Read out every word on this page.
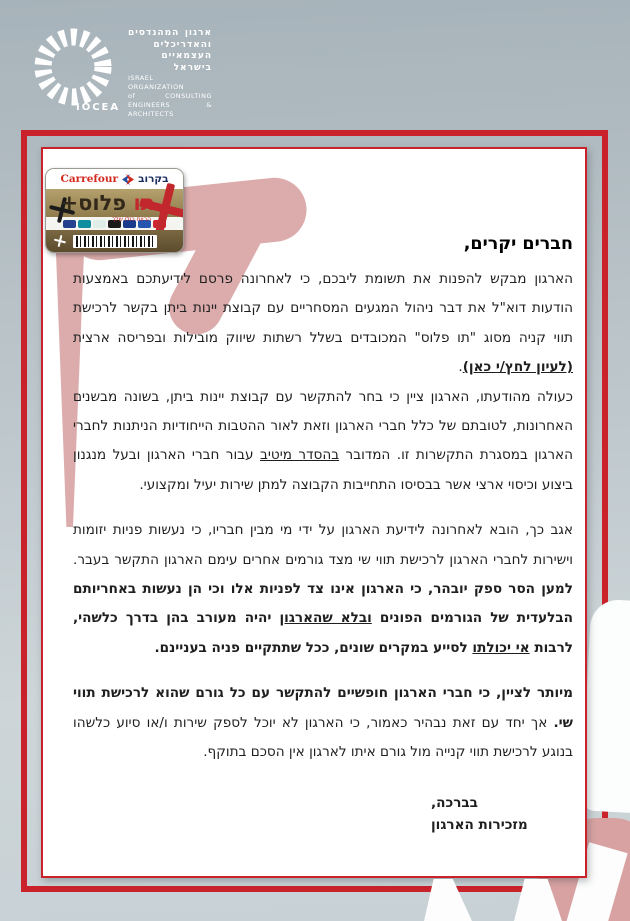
IOCEA
ארגון המהנדסים
והאדריכלים
העצמאיים
בישראל
ISRAEL
ORGANIZATION
of CONSULTING
ENGINEERS & ARCHITECTS
בקרוב
Carrefour
תו פלוס+
הרווח כולו שלך
חברים יקרים,

הארגון מבקש להפנות את תשומת ליבכם, כי לאחרונה פרסם לידיעתכם באמצעות הודעות דוא"ל את דבר ניהול המגעים המסחריים עם קבוצת יינות ביתן בקשר לרכישת תווי קניה מסוג "תו פלוס" המכובדים בשלל רשתות שיווק מובילות ובפריסה ארצית (לעיון לחץ/י כאן).

כעולה מהודעתו, הארגון ציין כי בחר להתקשר עם קבוצת יינות ביתן, בשונה מבשנים האחרונות, לטובתם של כלל חברי הארגון וזאת לאור ההטבות הייחודיות הניתנות לחברי הארגון במסגרת התקשרות זו. המדובר בהסדר מיטיב עבור חברי הארגון ובעל מנגנון ביצוע וכיסוי ארצי אשר בבסיסו התחייבות הקבוצה למתן שירות יעיל ומקצועי.

אגב כך, הובא לאחרונה לידיעת הארגון על ידי מי מבין חבריו, כי נעשות פניות יזומות וישירות לחברי הארגון לרכישת תווי שי מצד גורמים אחרים עימם הארגון התקשר בעבר. למען הסר ספק יובהר, כי הארגון אינו צד לפניות אלו וכי הן נעשות באחריותם הבלעדית של הגורמים הפונים ובלא שהארגון יהיה מעורב בהן בדרך כלשהי, לרבות אי יכולתו לסייע במקרים שונים, ככל שתתקיים פניה בעניינם.

מיותר לציין, כי חברי הארגון חופשיים להתקשר עם כל גורם שהוא לרכישת תווי שי. אך יחד עם זאת נבהיר כאמור, כי הארגון לא יוכל לספק שירות ו/או סיוע כלשהו בנוגע לרכישת תווי קנייה מול גורם איתו לארגון אין הסכם בתוקף.

בברכה,
מזכירות הארגון
